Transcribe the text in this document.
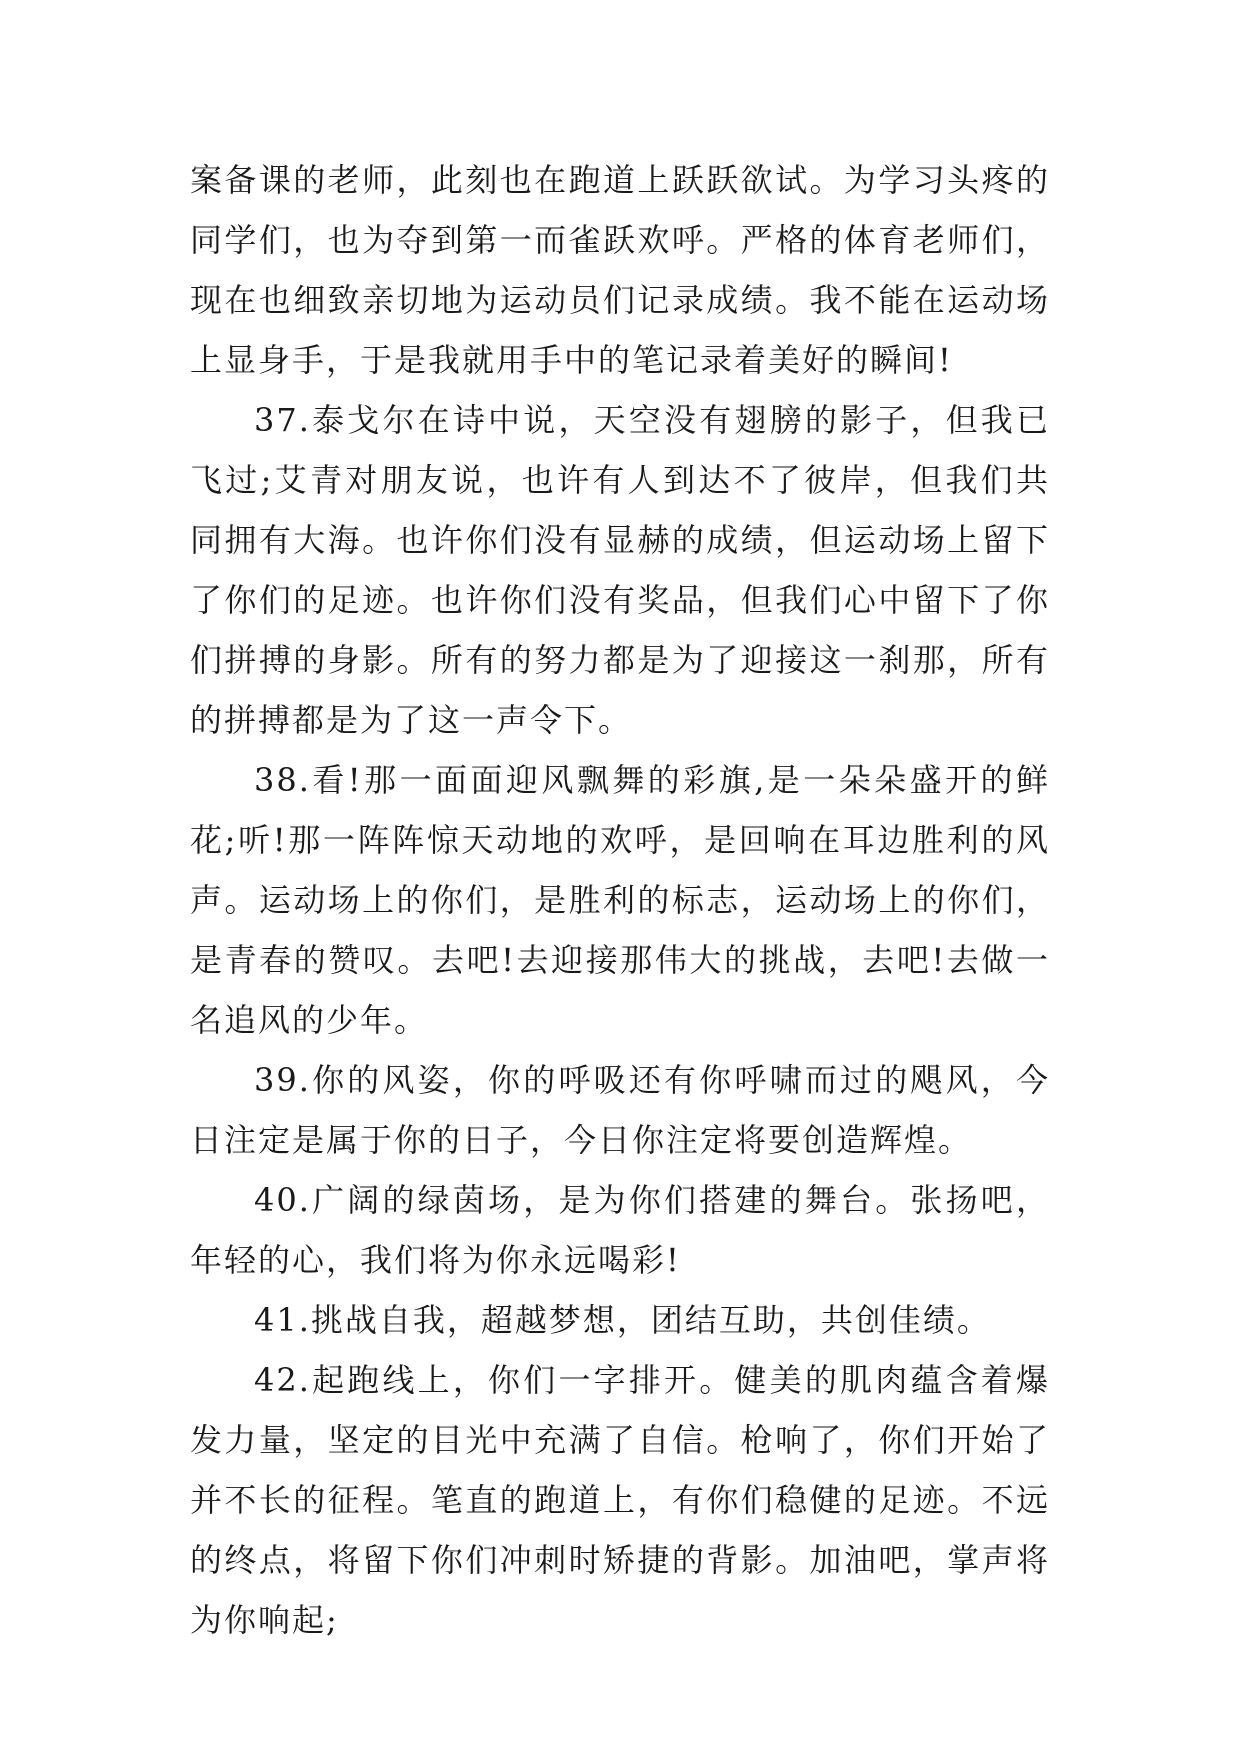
案备课的老师，此刻也在跑道上跃跃欲试。为学习头疼的同学们，也为夺到第一而雀跃欢呼。严格的体育老师们，现在也细致亲切地为运动员们记录成绩。我不能在运动场上显身手，于是我就用手中的笔记录着美好的瞬间!

37.泰戈尔在诗中说，天空没有翅膀的影子，但我已飞过;艾青对朋友说，也许有人到达不了彼岸，但我们共同拥有大海。也许你们没有显赫的成绩，但运动场上留下了你们的足迹。也许你们没有奖品，但我们心中留下了你们拼搏的身影。所有的努力都是为了迎接这一刹那，所有的拼搏都是为了这一声令下。

38.看!那一面面迎风飘舞的彩旗,是一朵朵盛开的鲜花;听!那一阵阵惊天动地的欢呼，是回响在耳边胜利的风声。运动场上的你们，是胜利的标志，运动场上的你们，是青春的赞叹。去吧!去迎接那伟大的挑战，去吧!去做一名追风的少年。

39.你的风姿，你的呼吸还有你呼啸而过的飓风，今日注定是属于你的日子，今日你注定将要创造辉煌。

40.广阔的绿茵场，是为你们搭建的舞台。张扬吧，年轻的心，我们将为你永远喝彩!

41.挑战自我，超越梦想，团结互助，共创佳绩。

42.起跑线上，你们一字排开。健美的肌肉蕴含着爆发力量，坚定的目光中充满了自信。枪响了，你们开始了并不长的征程。笔直的跑道上，有你们稳健的足迹。不远的终点，将留下你们冲刺时矫捷的背影。加油吧，掌声将为你响起;
